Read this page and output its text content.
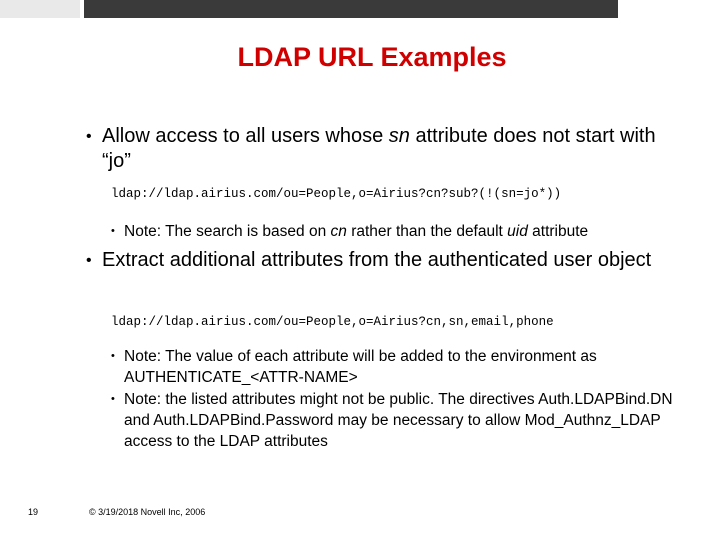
LDAP URL Examples
• Allow access to all users whose sn attribute does not start with “jo”
ldap://ldap.airius.com/ou=People,o=Airius?cn?sub?(!(sn=jo*))
• Note: The search is based on cn rather than the default uid attribute
• Extract additional attributes from the authenticated user object
ldap://ldap.airius.com/ou=People,o=Airius?cn,sn,email,phone
• Note: The value of each attribute will be added to the environment as AUTHENTICATE_<ATTR-NAME>
• Note: the listed attributes might not be public. The directives Auth.LDAPBind.DN and Auth.LDAPBind.Password may be necessary to allow Mod_Authnz_LDAP access to the LDAP attributes
19	© 3/19/2018 Novell Inc, 2006
